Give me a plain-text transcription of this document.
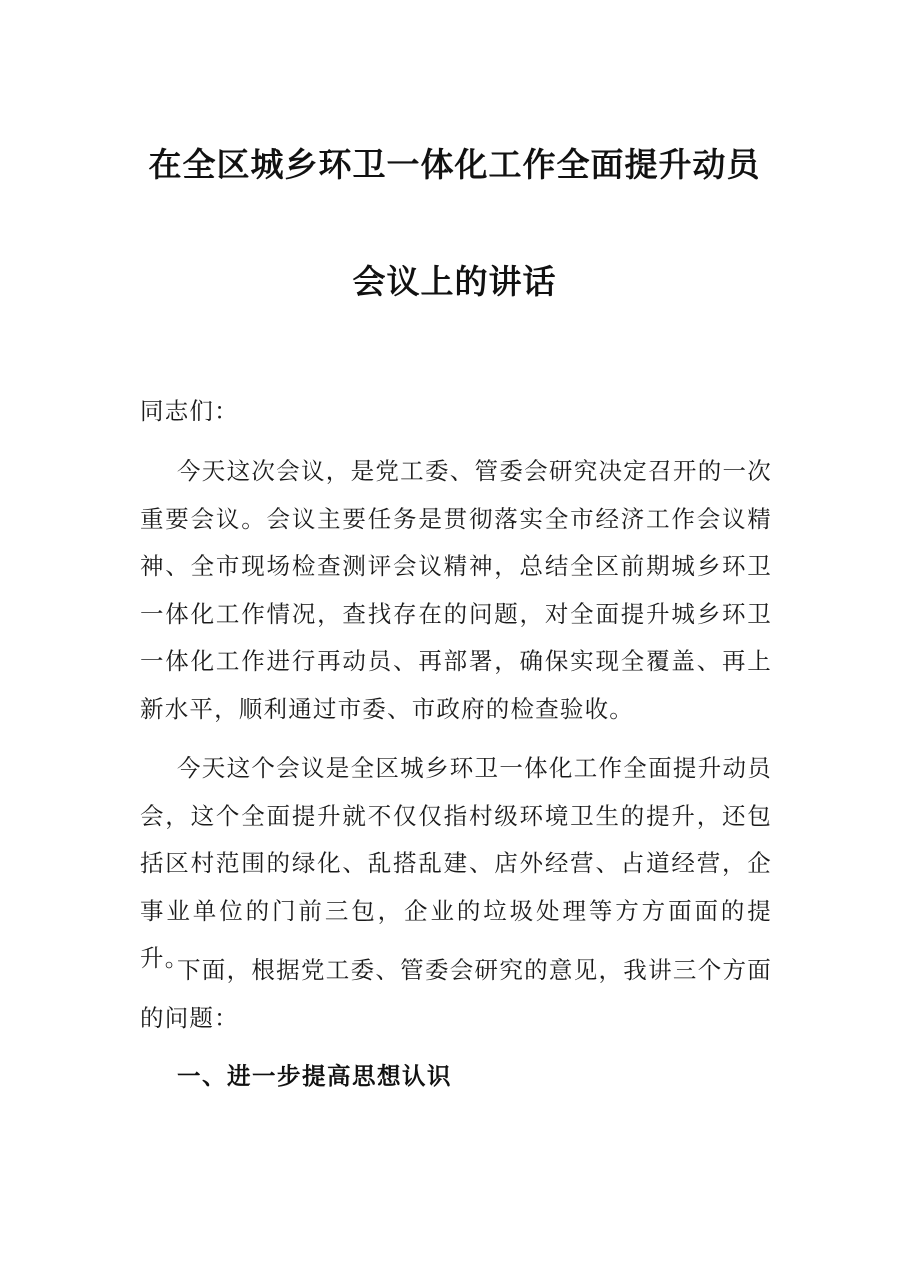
在全区城乡环卫一体化工作全面提升动员
会议上的讲话
同志们：
今天这次会议，是党工委、管委会研究决定召开的一次重要会议。会议主要任务是贯彻落实全市经济工作会议精神、全市现场检查测评会议精神，总结全区前期城乡环卫一体化工作情况，查找存在的问题，对全面提升城乡环卫一体化工作进行再动员、再部署，确保实现全覆盖、再上新水平，顺利通过市委、市政府的检查验收。
今天这个会议是全区城乡环卫一体化工作全面提升动员会，这个全面提升就不仅仅指村级环境卫生的提升，还包括区村范围的绿化、乱搭乱建、店外经营、占道经营，企事业单位的门前三包，企业的垃圾处理等方方面面的提升。
下面，根据党工委、管委会研究的意见，我讲三个方面的问题：
一、进一步提高思想认识
